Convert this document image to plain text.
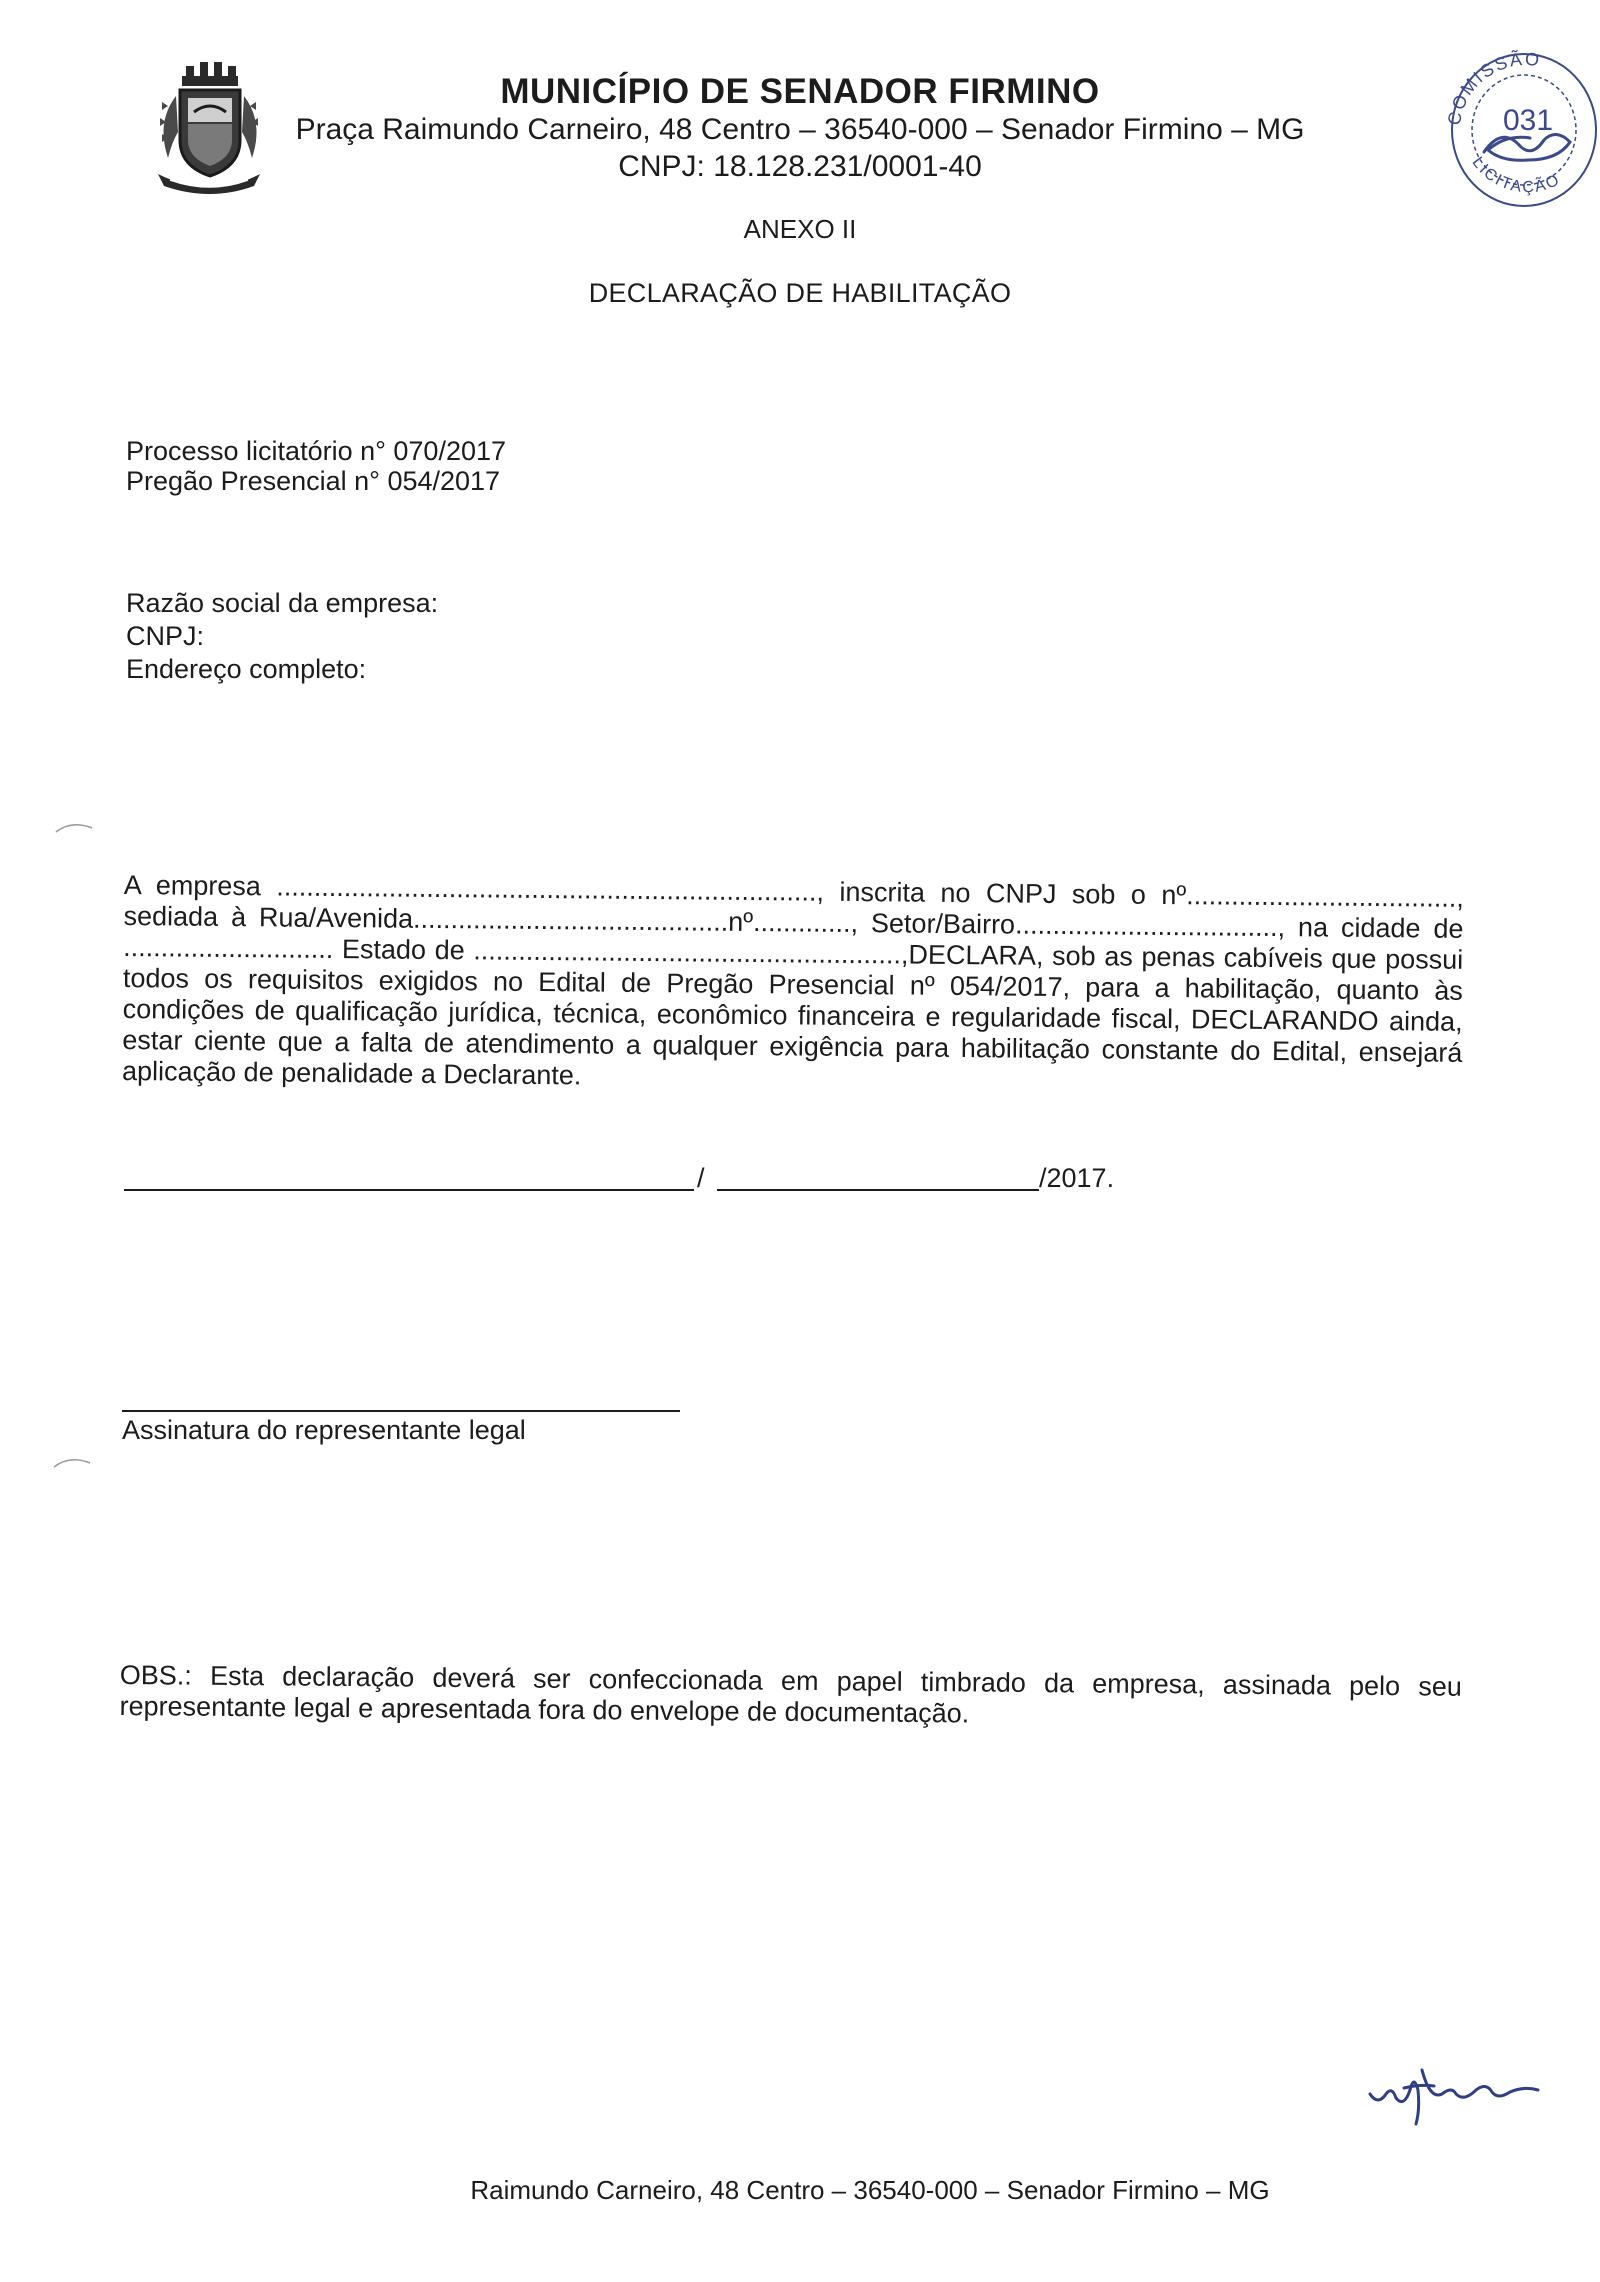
MUNICÍPIO DE SENADOR FIRMINO
Praça Raimundo Carneiro, 48 Centro – 36540-000 – Senador Firmino – MG
CNPJ: 18.128.231/0001-40
COMISSÃO
LICITAÇÃO
031
ANEXO II
DECLARAÇÃO DE HABILITAÇÃO
Processo licitatório n° 070/2017
Pregão Presencial n° 054/2017
Razão social da empresa:
CNPJ:
Endereço completo:
A empresa ........................................................................, inscrita no CNPJ sob o nº...................................., sediada à Rua/Avenida..........................................nº............., Setor/Bairro..................................., na cidade de ............................ Estado de .........................................................,DECLARA, sob as penas cabíveis que possui todos os requisitos exigidos no Edital de Pregão Presencial nº 054/2017, para a habilitação, quanto às condições de qualificação jurídica, técnica, econômico financeira e regularidade fiscal, DECLARANDO ainda, estar ciente que a falta de atendimento a qualquer exigência para habilitação constante do Edital, ensejará aplicação de penalidade a Declarante.
/	/2017.
Assinatura do representante legal
OBS.: Esta declaração deverá ser confeccionada em papel timbrado da empresa, assinada pelo seu representante legal e apresentada fora do envelope de documentação.
Raimundo Carneiro, 48 Centro – 36540-000 – Senador Firmino – MG
